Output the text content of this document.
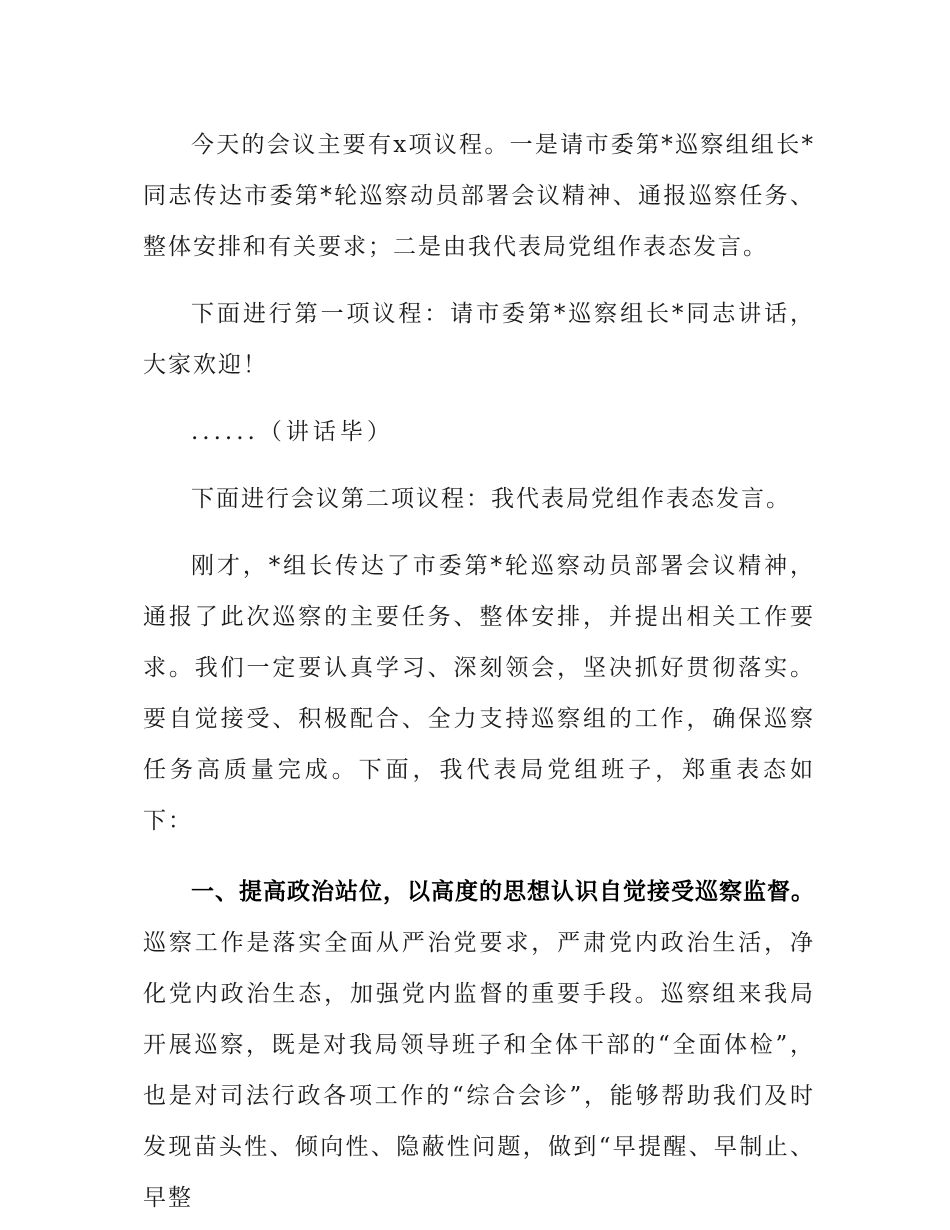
今天的会议主要有x项议程。一是请市委第*巡察组组长*同志传达市委第*轮巡察动员部署会议精神、通报巡察任务、整体安排和有关要求；二是由我代表局党组作表态发言。

下面进行第一项议程：请市委第*巡察组长*同志讲话，大家欢迎！

......（讲话毕）

下面进行会议第二项议程：我代表局党组作表态发言。

刚才，*组长传达了市委第*轮巡察动员部署会议精神，通报了此次巡察的主要任务、整体安排，并提出相关工作要求。我们一定要认真学习、深刻领会，坚决抓好贯彻落实。要自觉接受、积极配合、全力支持巡察组的工作，确保巡察任务高质量完成。下面，我代表局党组班子，郑重表态如下：

一、提高政治站位，以高度的思想认识自觉接受巡察监督。巡察工作是落实全面从严治党要求，严肃党内政治生活，净化党内政治生态，加强党内监督的重要手段。巡察组来我局开展巡察，既是对我局领导班子和全体干部的“全面体检”，也是对司法行政各项工作的“综合会诊”，能够帮助我们及时发现苗头性、倾向性、隐蔽性问题，做到“早提醒、早制止、早整
